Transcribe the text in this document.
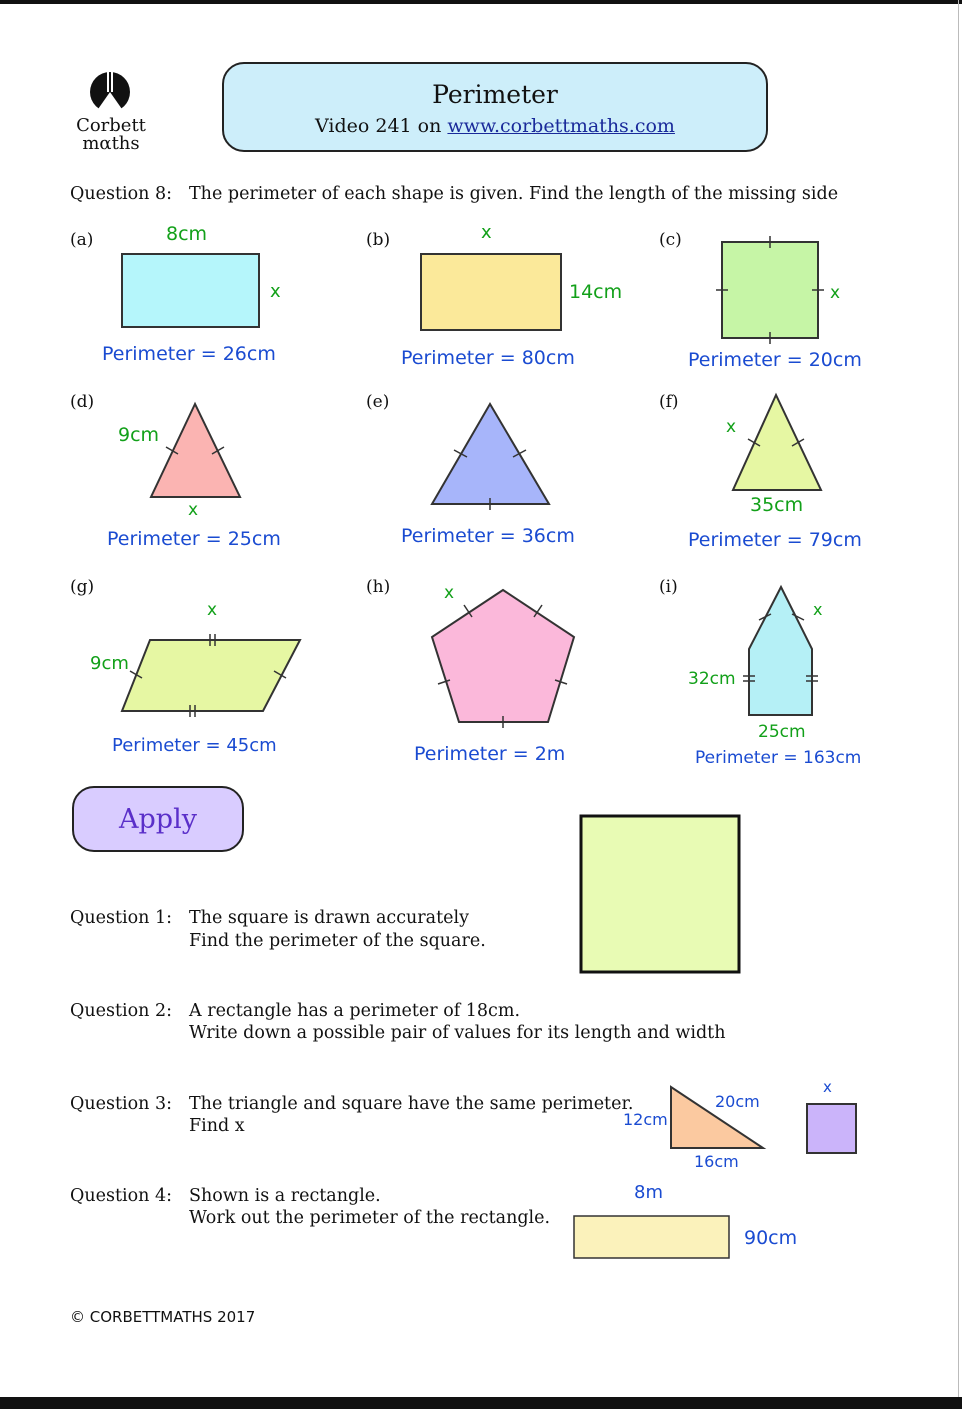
Corbett
mαths
Perimeter
Video 241 on www.corbettmaths.com
Question 8: The perimeter of each shape is given. Find the length of the missing side
(a)	(b)	(c)
(d)	(e)	(f)
(g)	(h)	(i)
8cm
x
Perimeter = 26cm
x
14cm
Perimeter = 80cm
x
Perimeter = 20cm
9cm
x
Perimeter = 25cm	Perimeter = 36cm
x
35cm
Perimeter = 79cm
x
9cm
Perimeter = 45cm
x
Perimeter = 2m
x
32cm
25cm
Perimeter = 163cm
Apply
Question 1: The square is drawn accurately
Find the perimeter of the square.
Question 2: A rectangle has a perimeter of 18cm.
Write down a possible pair of values for its length and width
Question 3: The triangle and square have the same perimeter.
Find x	12cm
20cm
16cm
x
Question 4: Shown is a rectangle.
Work out the perimeter of the rectangle.
8m
90cm
© CORBETTMATHS 2017
